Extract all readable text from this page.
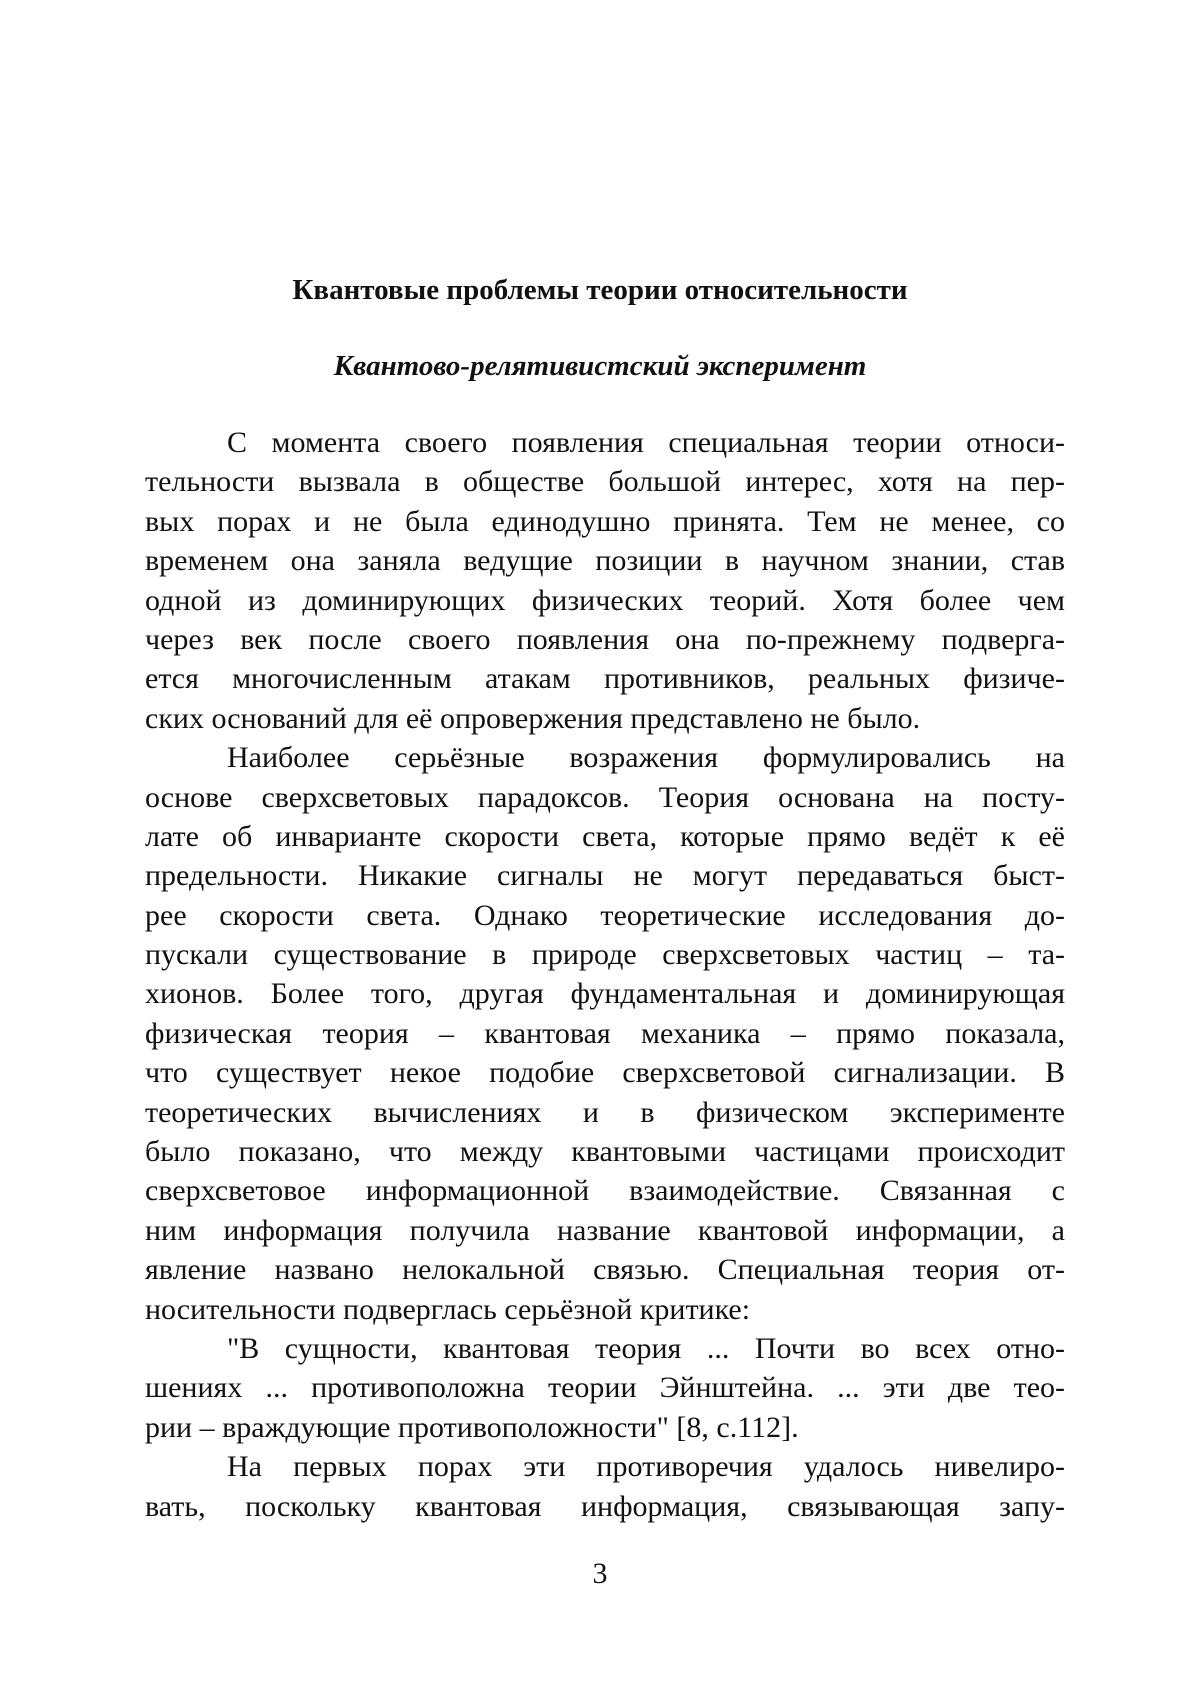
Квантовые проблемы теории относительности
Квантово-релятивистский эксперимент
С момента своего появления специальная теории относи-
тельности вызвала в обществе большой интерес, хотя на пер-
вых порах и не была единодушно принята. Тем не менее, со
временем она заняла ведущие позиции в научном знании, став
одной из доминирующих физических теорий. Хотя более чем
через век после своего появления она по-прежнему подверга-
ется многочисленным атакам противников, реальных физиче-
ских оснований для её опровержения представлено не было.
Наиболее серьёзные возражения формулировались на
основе сверхсветовых парадоксов. Теория основана на посту-
лате об инварианте скорости света, которые прямо ведёт к её
предельности. Никакие сигналы не могут передаваться быст-
рее скорости света. Однако теоретические исследования до-
пускали существование в природе сверхсветовых частиц – та-
хионов. Более того, другая фундаментальная и доминирующая
физическая теория – квантовая механика – прямо показала,
что существует некое подобие сверхсветовой сигнализации. В
теоретических вычислениях и в физическом эксперименте
было показано, что между квантовыми частицами происходит
сверхсветовое информационной взаимодействие. Связанная с
ним информация получила название квантовой информации, а
явление названо нелокальной связью. Специальная теория от-
носительности подверглась серьёзной критике:
"В сущности, квантовая теория ... Почти во всех отно-
шениях ... противоположна теории Эйнштейна. ... эти две тео-
рии – враждующие противоположности" [8, с.112].
На первых порах эти противоречия удалось нивелиро-
вать, поскольку квантовая информация, связывающая запу-
3
